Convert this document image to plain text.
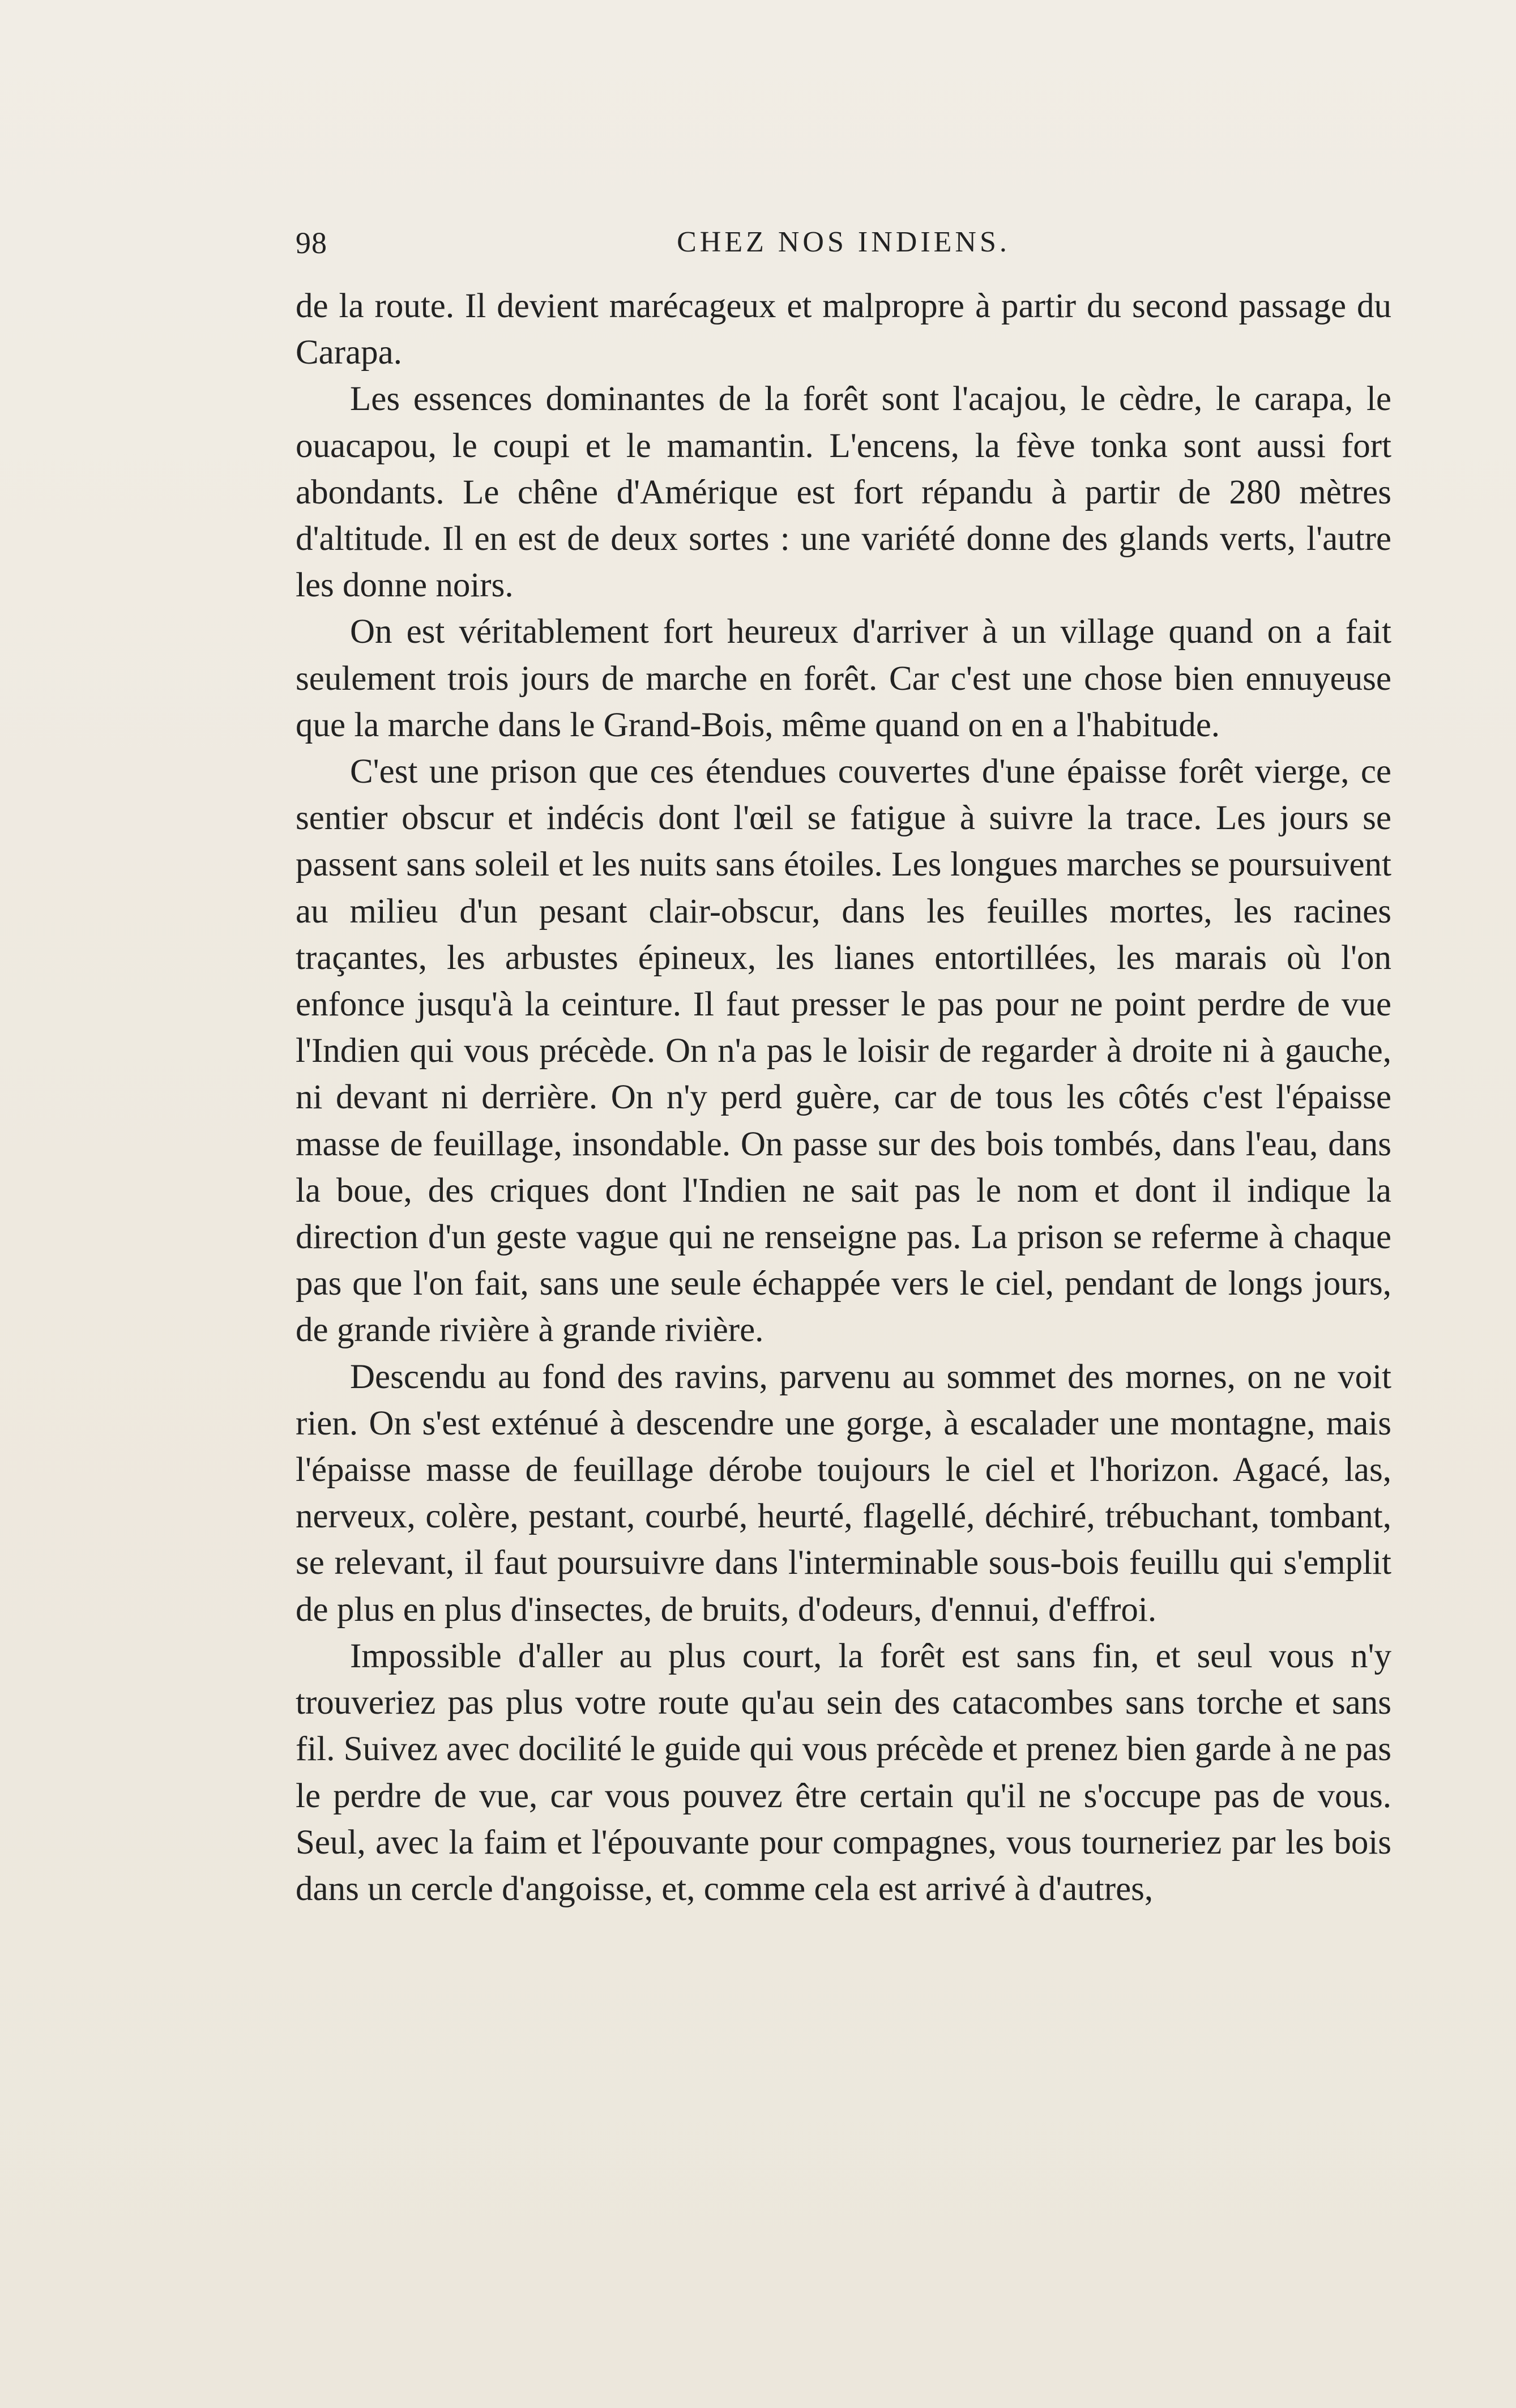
98	CHEZ NOS INDIENS.

de la route. Il devient marécageux et malpropre à partir du second passage du Carapa.

Les essences dominantes de la forêt sont l'acajou, le cèdre, le carapa, le ouacapou, le coupi et le mamantin. L'encens, la fève tonka sont aussi fort abondants. Le chêne d'Amérique est fort répandu à partir de 280 mètres d'altitude. Il en est de deux sortes : une variété donne des glands verts, l'autre les donne noirs.

On est véritablement fort heureux d'arriver à un village quand on a fait seulement trois jours de marche en forêt. Car c'est une chose bien ennuyeuse que la marche dans le Grand-Bois, même quand on en a l'habitude.

C'est une prison que ces étendues couvertes d'une épaisse forêt vierge, ce sentier obscur et indécis dont l'œil se fatigue à suivre la trace. Les jours se passent sans soleil et les nuits sans étoiles. Les longues marches se poursuivent au milieu d'un pesant clair-obscur, dans les feuilles mortes, les racines traçantes, les arbustes épineux, les lianes entortillées, les marais où l'on enfonce jusqu'à la ceinture. Il faut presser le pas pour ne point perdre de vue l'Indien qui vous précède. On n'a pas le loisir de regarder à droite ni à gauche, ni devant ni derrière. On n'y perd guère, car de tous les côtés c'est l'épaisse masse de feuillage, insondable. On passe sur des bois tombés, dans l'eau, dans la boue, des criques dont l'Indien ne sait pas le nom et dont il indique la direction d'un geste vague qui ne renseigne pas. La prison se referme à chaque pas que l'on fait, sans une seule échappée vers le ciel, pendant de longs jours, de grande rivière à grande rivière.

Descendu au fond des ravins, parvenu au sommet des mornes, on ne voit rien. On s'est exténué à descendre une gorge, à escalader une montagne, mais l'épaisse masse de feuillage dérobe toujours le ciel et l'horizon. Agacé, las, nerveux, colère, pestant, courbé, heurté, flagellé, déchiré, trébuchant, tombant, se relevant, il faut poursuivre dans l'interminable sous-bois feuillu qui s'emplit de plus en plus d'insectes, de bruits, d'odeurs, d'ennui, d'effroi.

Impossible d'aller au plus court, la forêt est sans fin, et seul vous n'y trouveriez pas plus votre route qu'au sein des catacombes sans torche et sans fil. Suivez avec docilité le guide qui vous précède et prenez bien garde à ne pas le perdre de vue, car vous pouvez être certain qu'il ne s'occupe pas de vous. Seul, avec la faim et l'épouvante pour compagnes, vous tourneriez par les bois dans un cercle d'angoisse, et, comme cela est arrivé à d'autres,
